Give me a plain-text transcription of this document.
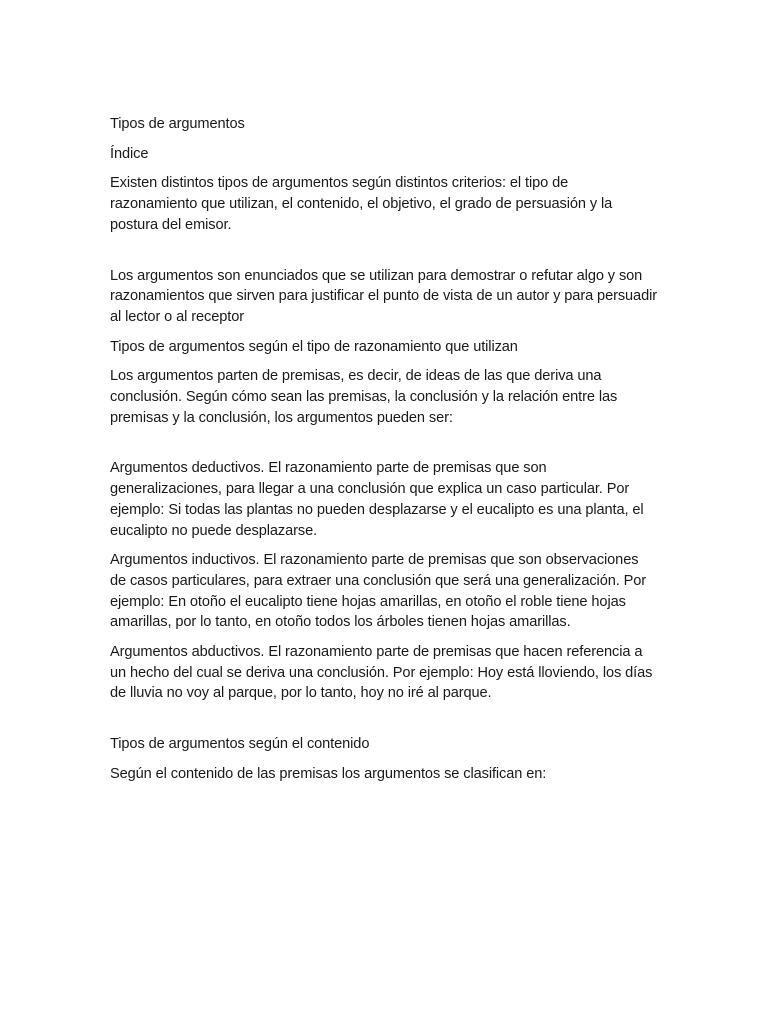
Tipos de argumentos

Índice

Existen distintos tipos de argumentos según distintos criterios: el tipo de razonamiento que utilizan, el contenido, el objetivo, el grado de persuasión y la postura del emisor.

Los argumentos son enunciados que se utilizan para demostrar o refutar algo y son razonamientos que sirven para justificar el punto de vista de un autor y para persuadir al lector o al receptor

Tipos de argumentos según el tipo de razonamiento que utilizan

Los argumentos parten de premisas, es decir, de ideas de las que deriva una conclusión. Según cómo sean las premisas, la conclusión y la relación entre las premisas y la conclusión, los argumentos pueden ser:

Argumentos deductivos. El razonamiento parte de premisas que son generalizaciones, para llegar a una conclusión que explica un caso particular. Por ejemplo: Si todas las plantas no pueden desplazarse y el eucalipto es una planta, el eucalipto no puede desplazarse.

Argumentos inductivos. El razonamiento parte de premisas que son observaciones de casos particulares, para extraer una conclusión que será una generalización. Por ejemplo: En otoño el eucalipto tiene hojas amarillas, en otoño el roble tiene hojas amarillas, por lo tanto, en otoño todos los árboles tienen hojas amarillas.

Argumentos abductivos. El razonamiento parte de premisas que hacen referencia a un hecho del cual se deriva una conclusión. Por ejemplo: Hoy está lloviendo, los días de lluvia no voy al parque, por lo tanto, hoy no iré al parque.

Tipos de argumentos según el contenido

Según el contenido de las premisas los argumentos se clasifican en:
